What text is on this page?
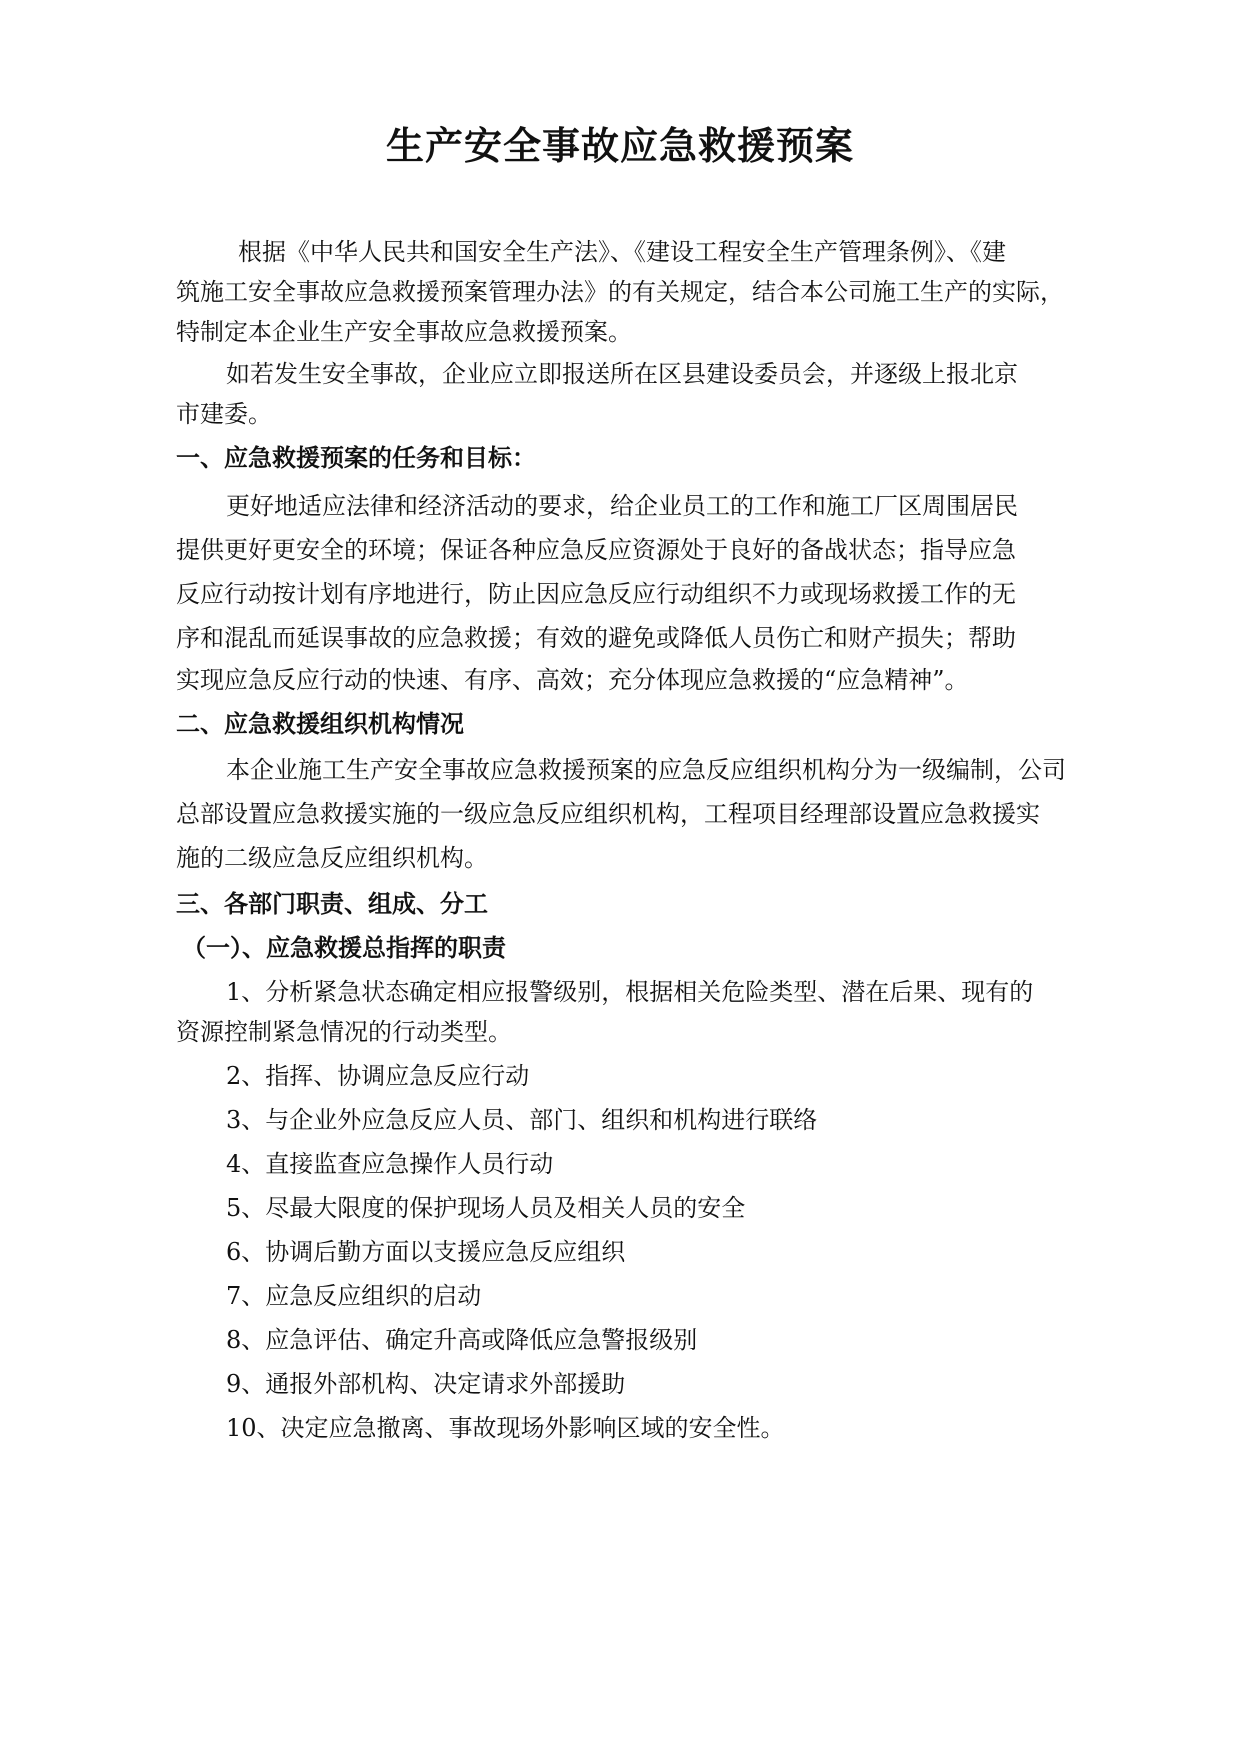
生产安全事故应急救援预案
根据《中华人民共和国安全生产法》、《建设工程安全生产管理条例》、《建
筑施工安全事故应急救援预案管理办法》的有关规定，结合本公司施工生产的实际，
特制定本企业生产安全事故应急救援预案。
如若发生安全事故，企业应立即报送所在区县建设委员会，并逐级上报北京
市建委。
一、应急救援预案的任务和目标：
更好地适应法律和经济活动的要求，给企业员工的工作和施工厂区周围居民
提供更好更安全的环境；保证各种应急反应资源处于良好的备战状态；指导应急
反应行动按计划有序地进行，防止因应急反应行动组织不力或现场救援工作的无
序和混乱而延误事故的应急救援；有效的避免或降低人员伤亡和财产损失；帮助
实现应急反应行动的快速、有序、高效；充分体现应急救援的“应急精神”。
二、应急救援组织机构情况
本企业施工生产安全事故应急救援预案的应急反应组织机构分为一级编制，公司
总部设置应急救援实施的一级应急反应组织机构，工程项目经理部设置应急救援实
施的二级应急反应组织机构。
三、各部门职责、组成、分工
（一）、应急救援总指挥的职责
1、分析紧急状态确定相应报警级别，根据相关危险类型、潜在后果、现有的
资源控制紧急情况的行动类型。
2、指挥、协调应急反应行动
3、与企业外应急反应人员、部门、组织和机构进行联络
4、直接监查应急操作人员行动
5、尽最大限度的保护现场人员及相关人员的安全
6、协调后勤方面以支援应急反应组织
7、应急反应组织的启动
8、应急评估、确定升高或降低应急警报级别
9、通报外部机构、决定请求外部援助
10、决定应急撤离、事故现场外影响区域的安全性。
